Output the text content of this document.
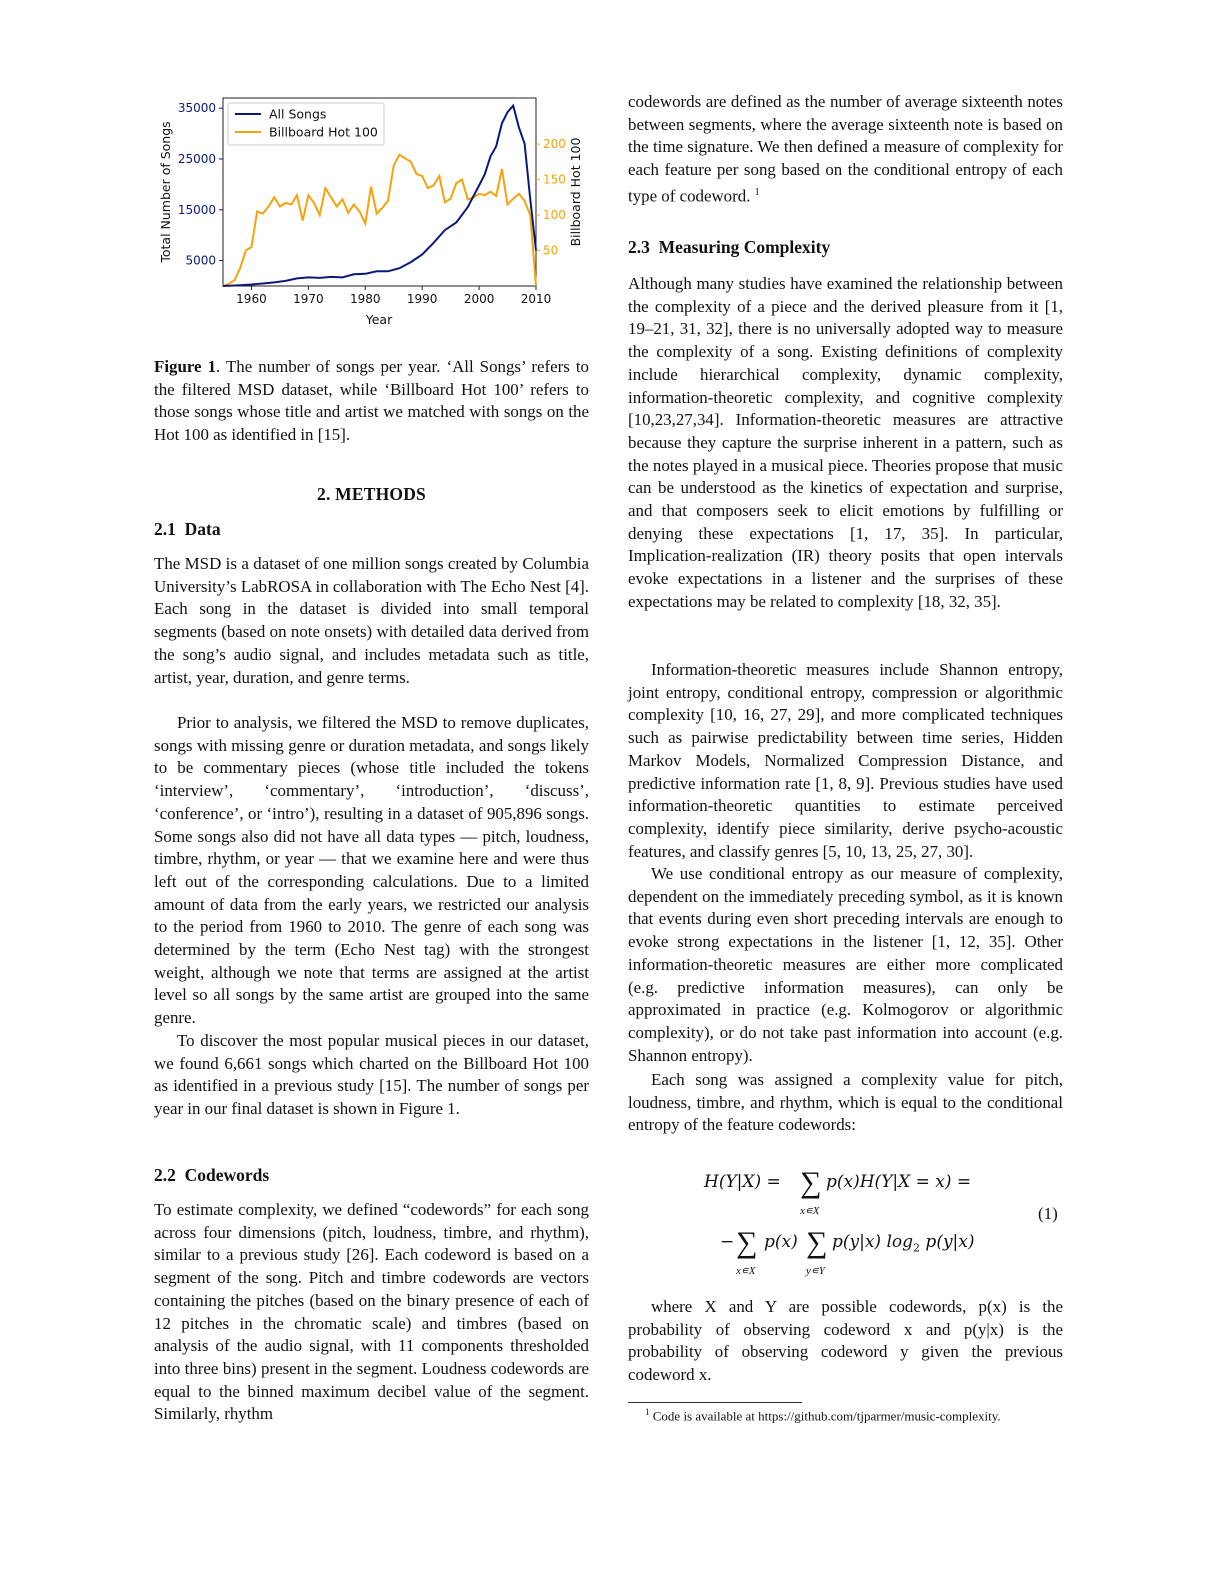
1960 1970 1980 1990 2000 2010
5000
15000
25000
35000
50
100
150
200
Year
Total Number of Songs	Billboard Hot 100
All Songs
Billboard Hot 100

Figure 1. The number of songs per year. ‘All Songs’ refers to the filtered MSD dataset, while ‘Billboard Hot 100’ refers to those songs whose title and artist we matched with songs on the Hot 100 as identified in [15].

2. METHODS
2.1  Data

The MSD is a dataset of one million songs created by Columbia University’s LabROSA in collaboration with The Echo Nest [4]. Each song in the dataset is divided into small temporal segments (based on note onsets) with detailed data derived from the song’s audio signal, and includes metadata such as title, artist, year, duration, and genre terms.

Prior to analysis, we filtered the MSD to remove duplicates, songs with missing genre or duration metadata, and songs likely to be commentary pieces (whose title included the tokens ‘interview’, ‘commentary’, ‘introduction’, ‘discuss’, ‘conference’, or ‘intro’), resulting in a dataset of 905,896 songs. Some songs also did not have all data types — pitch, loudness, timbre, rhythm, or year — that we examine here and were thus left out of the corresponding calculations. Due to a limited amount of data from the early years, we restricted our analysis to the period from 1960 to 2010. The genre of each song was determined by the term (Echo Nest tag) with the strongest weight, although we note that terms are assigned at the artist level so all songs by the same artist are grouped into the same genre.

To discover the most popular musical pieces in our dataset, we found 6,661 songs which charted on the Billboard Hot 100 as identified in a previous study [15]. The number of songs per year in our final dataset is shown in Figure 1.

2.2  Codewords

To estimate complexity, we defined “codewords” for each song across four dimensions (pitch, loudness, timbre, and rhythm), similar to a previous study [26]. Each codeword is based on a segment of the song. Pitch and timbre codewords are vectors containing the pitches (based on the binary presence of each of 12 pitches in the chromatic scale) and timbres (based on analysis of the audio signal, with 11 components thresholded into three bins) present in the segment. Loudness codewords are equal to the binned maximum decibel value of the segment. Similarly, rhythm

codewords are defined as the number of average sixteenth notes between segments, where the average sixteenth note is based on the time signature. We then defined a measure of complexity for each feature per song based on the conditional entropy of each type of codeword. $^1$

2.3  Measuring Complexity

Although many studies have examined the relationship between the complexity of a piece and the derived pleasure from it [1, 19–21, 31, 32], there is no universally adopted way to measure the complexity of a song. Existing definitions of complexity include hierarchical complexity, dynamic complexity, information-theoretic complexity, and cognitive complexity [10,23,27,34]. Information-theoretic measures are attractive because they capture the surprise inherent in a pattern, such as the notes played in a musical piece. Theories propose that music can be understood as the kinetics of expectation and surprise, and that composers seek to elicit emotions by fulfilling or denying these expectations [1, 17, 35]. In particular, Implication-realization (IR) theory posits that open intervals evoke expectations in a listener and the surprises of these expectations may be related to complexity [18, 32, 35].

Information-theoretic measures include Shannon entropy, joint entropy, conditional entropy, compression or algorithmic complexity [10, 16, 27, 29], and more complicated techniques such as pairwise predictability between time series, Hidden Markov Models, Normalized Compression Distance, and predictive information rate [1, 8, 9]. Previous studies have used information-theoretic quantities to estimate perceived complexity, identify piece similarity, derive psycho-acoustic features, and classify genres [5, 10, 13, 25, 27, 30].

We use conditional entropy as our measure of complexity, dependent on the immediately preceding symbol, as it is known that events during even short preceding intervals are enough to evoke strong expectations in the listener [1, 12, 35]. Other information-theoretic measures are either more complicated (e.g. predictive information measures), can only be approximated in practice (e.g. Kolmogorov or algorithmic complexity), or do not take past information into account (e.g. Shannon entropy).

Each song was assigned a complexity value for pitch, loudness, timbre, and rhythm, which is equal to the conditional entropy of the feature codewords:

H(Y|X) = ∑
x∊X
p(x)H(Y|X = x) =
− ∑
x∊X
p(x) ∑
y∊Y
p(y|x) $\log_2 p(y|x)$
(1)

where X and Y are possible codewords, p(x) is the probability of observing codeword x and p(y|x) is the probability of observing codeword y given the previous codeword x.

$^1$ Code is available at https://github.com/tjparmer/music-complexity.
